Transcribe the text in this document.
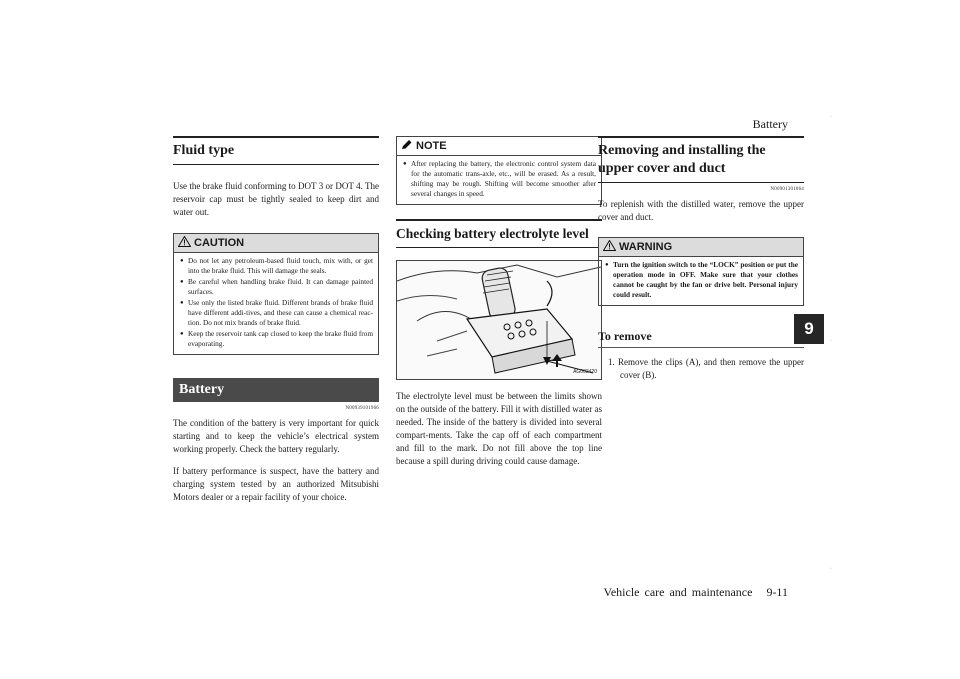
Battery	·
·
·
9
Fluid type

Use the brake fluid conforming to DOT 3 or DOT 4. The reservoir cap must be tightly sealed to keep dirt and water out.

CAUTION
● Do not let any petroleum-based fluid touch, mix with, or get into the brake fluid. This will damage the seals.
● Be careful when handling brake fluid. It can damage painted surfaces.
● Use only the listed brake fluid. Different brands of brake fluid have different addi-tives, and these can cause a chemical reac-tion. Do not mix brands of brake fluid.
● Keep the reservoir tank cap closed to keep the brake fluid from evaporating.
Battery
N00939101966

The condition of the battery is very important for quick starting and to keep the vehicle’s electrical system working properly. Check the battery regularly.

If battery performance is suspect, have the battery and charging system tested by an authorized Mitsubishi Motors dealer or a repair facility of your choice.

NOTE
● After replacing the battery, the electronic control system data for the automatic trans-axle, etc., will be erased. As a result, shifting may be rough. Shifting will become smoother after several changes in speed.
Checking battery electrolyte level
AG002420

The electrolyte level must be between the limits shown on the outside of the battery. Fill it with distilled water as needed. The inside of the battery is divided into several compart-ments. Take the cap off of each compartment and fill to the mark. Do not fill above the top line because a spill during driving could cause damage.

Removing and installing the upper cover and duct
N00901301064

To replenish with the distilled water, remove the upper cover and duct.

WARNING
● Turn the ignition switch to the “LOCK” position or put the operation mode in OFF. Make sure that your clothes cannot be caught by the fan or drive belt. Personal injury could result.
To remove

1. Remove the clips (A), and then remove the upper cover (B).

Vehicle care and maintenance 9-11
